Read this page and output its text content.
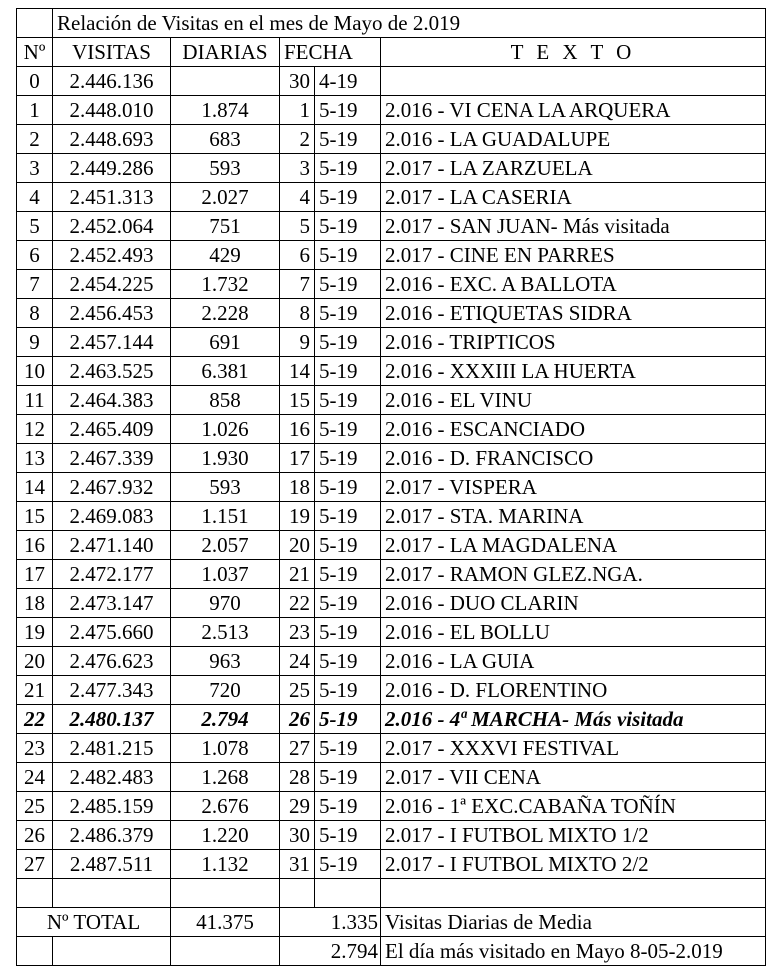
	Relación de Visitas en el mes de Mayo de 2.019				
Nº	VISITAS	DIARIAS	FECHA		T E X T O
0	2.446.136		30	4-19	
1	2.448.010	1.874	1	5-19	2.016 - VI CENA LA ARQUERA
2	2.448.693	683	2	5-19	2.016 - LA GUADALUPE
3	2.449.286	593	3	5-19	2.017 - LA ZARZUELA
4	2.451.313	2.027	4	5-19	2.017 - LA CASERIA
5	2.452.064	751	5	5-19	2.017 - SAN JUAN- Más visitada
6	2.452.493	429	6	5-19	2.017 - CINE EN PARRES
7	2.454.225	1.732	7	5-19	2.016 - EXC. A BALLOTA
8	2.456.453	2.228	8	5-19	2.016 - ETIQUETAS SIDRA
9	2.457.144	691	9	5-19	2.016 - TRIPTICOS
10	2.463.525	6.381	14	5-19	2.016 - XXXIII LA HUERTA
11	2.464.383	858	15	5-19	2.016 - EL VINU
12	2.465.409	1.026	16	5-19	2.016 - ESCANCIADO
13	2.467.339	1.930	17	5-19	2.016 - D. FRANCISCO
14	2.467.932	593	18	5-19	2.017 - VISPERA
15	2.469.083	1.151	19	5-19	2.017 - STA. MARINA
16	2.471.140	2.057	20	5-19	2.017 - LA MAGDALENA
17	2.472.177	1.037	21	5-19	2.017 - RAMON GLEZ.NGA.
18	2.473.147	970	22	5-19	2.016 - DUO CLARIN
19	2.475.660	2.513	23	5-19	2.016 - EL BOLLU
20	2.476.623	963	24	5-19	2.016 - LA GUIA
21	2.477.343	720	25	5-19	2.016 - D. FLORENTINO
22	2.480.137	2.794	26	5-19	2.016 - 4ª MARCHA- Más visitada
23	2.481.215	1.078	27	5-19	2.017 - XXXVI FESTIVAL
24	2.482.483	1.268	28	5-19	2.017 - VII CENA
25	2.485.159	2.676	29	5-19	2.016 - 1ª EXC.CABAÑA TOÑÍN
26	2.486.379	1.220	30	5-19	2.017 - I FUTBOL MIXTO 1/2
27	2.487.511	1.132	31	5-19	2.017 - I FUTBOL MIXTO 2/2

Nº TOTAL		41.375	1.335		Visitas Diarias de Media
			2.794		El día más visitado en Mayo 8-05-2.019
